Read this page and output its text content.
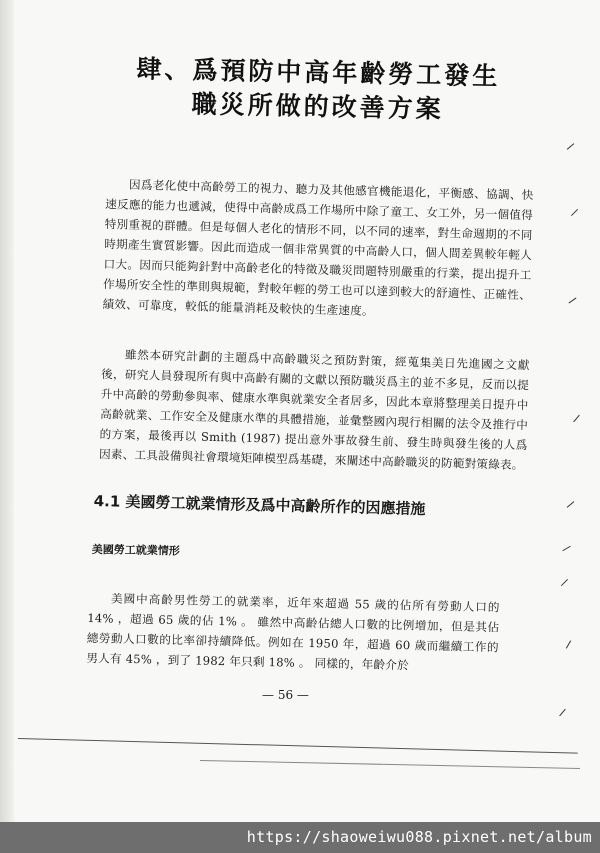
肆、爲預防中高年齡勞工發生
職災所做的改善方案

因爲老化使中高齡勞工的視力、聽力及其他感官機能退化，平衡感、協調、快速反應的能力也遞減，使得中高齡成爲工作場所中除了童工、女工外，另一個值得特別重視的群體。但是每個人老化的情形不同，以不同的速率，對生命週期的不同時期產生實質影響。因此而造成一個非常異質的中高齡人口，個人間差異較年輕人口大。因而只能夠針對中高齡老化的特徵及職災問題特別嚴重的行業，提出提升工作場所安全性的準則與規範，對較年輕的勞工也可以達到較大的舒適性、正確性、績效、可靠度，較低的能量消耗及較快的生產速度。

雖然本研究計劃的主題爲中高齡職災之預防對策，經蒐集美日先進國之文獻後，研究人員發現所有與中高齡有關的文獻以預防職災爲主的並不多見，反而以提升中高齡的勞動參與率、健康水準與就業安全者居多，因此本章將整理美日提升中高齡就業、工作安全及健康水準的具體措施，並彙整國內現行相關的法令及推行中的方案，最後再以 Smith (1987) 提出意外事故發生前、發生時與發生後的人爲因素、工具設備與社會環境矩陣模型爲基礎，來闡述中高齡職災的防範對策綠表。

4.1 美國勞工就業情形及爲中高齡所作的因應措施
美國勞工就業情形

美國中高齡男性勞工的就業率，近年來超過 55 歲的佔所有勞動人口的 14% ，超過 65 歲的佔 1% 。 雖然中高齡佔總人口數的比例增加，但是其佔總勞動人口數的比率卻持續降低。例如在 1950 年，超過 60 歲而繼續工作的男人有 45% ，到了 1982 年只剩 18% 。 同樣的，年齡介於

— 56 —
https://shaoweiwu088.pixnet.net/album
